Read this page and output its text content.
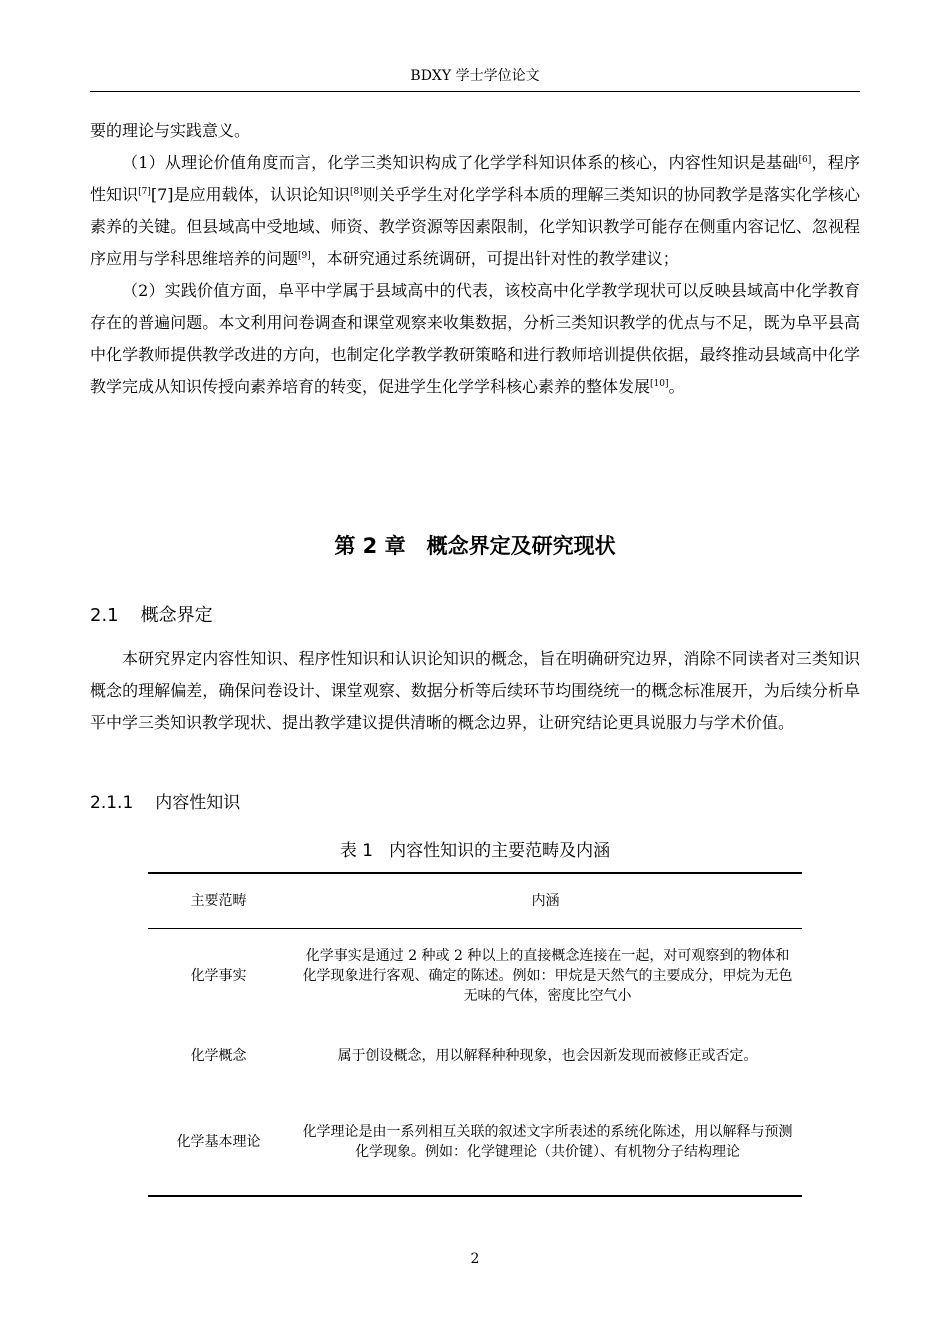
BDXY 学士学位论文

要的理论与实践意义。

（1）从理论价值角度而言，化学三类知识构成了化学学科知识体系的核心，内容性知识是基础[6]，程序性知识[7][7]是应用载体，认识论知识[8]则关乎学生对化学学科本质的理解三类知识的协同教学是落实化学核心素养的关键。但县域高中受地域、师资、教学资源等因素限制，化学知识教学可能存在侧重内容记忆、忽视程序应用与学科思维培养的问题[9]，本研究通过系统调研，可提出针对性的教学建议；

（2）实践价值方面，阜平中学属于县域高中的代表，该校高中化学教学现状可以反映县域高中化学教育存在的普遍问题。本文利用问卷调查和课堂观察来收集数据，分析三类知识教学的优点与不足，既为阜平县高中化学教师提供教学改进的方向，也制定化学教学教研策略和进行教师培训提供依据，最终推动县域高中化学教学完成从知识传授向素养培育的转变，促进学生化学学科核心素养的整体发展[10]。

第 2 章　概念界定及研究现状
2.1 概念界定

本研究界定内容性知识、程序性知识和认识论知识的概念，旨在明确研究边界，消除不同读者对三类知识概念的理解偏差，确保问卷设计、课堂观察、数据分析等后续环节均围绕统一的概念标准展开，为后续分析阜平中学三类知识教学现状、提出教学建议提供清晰的概念边界，让研究结论更具说服力与学术价值。

2.1.1 内容性知识
表 1 内容性知识的主要范畴及内涵
主要范畴	内涵
化学事实	化学事实是通过 2 种或 2 种以上的直接概念连接在一起，对可观察到的物体和化学现象进行客观、确定的陈述。例如：甲烷是天然气的主要成分，甲烷为无色无味的气体，密度比空气小
化学概念	属于创设概念，用以解释种种现象，也会因新发现而被修正或否定。
化学基本理论	化学理论是由一系列相互关联的叙述文字所表述的系统化陈述，用以解释与预测化学现象。例如：化学键理论（共价键）、有机物分子结构理论
2
